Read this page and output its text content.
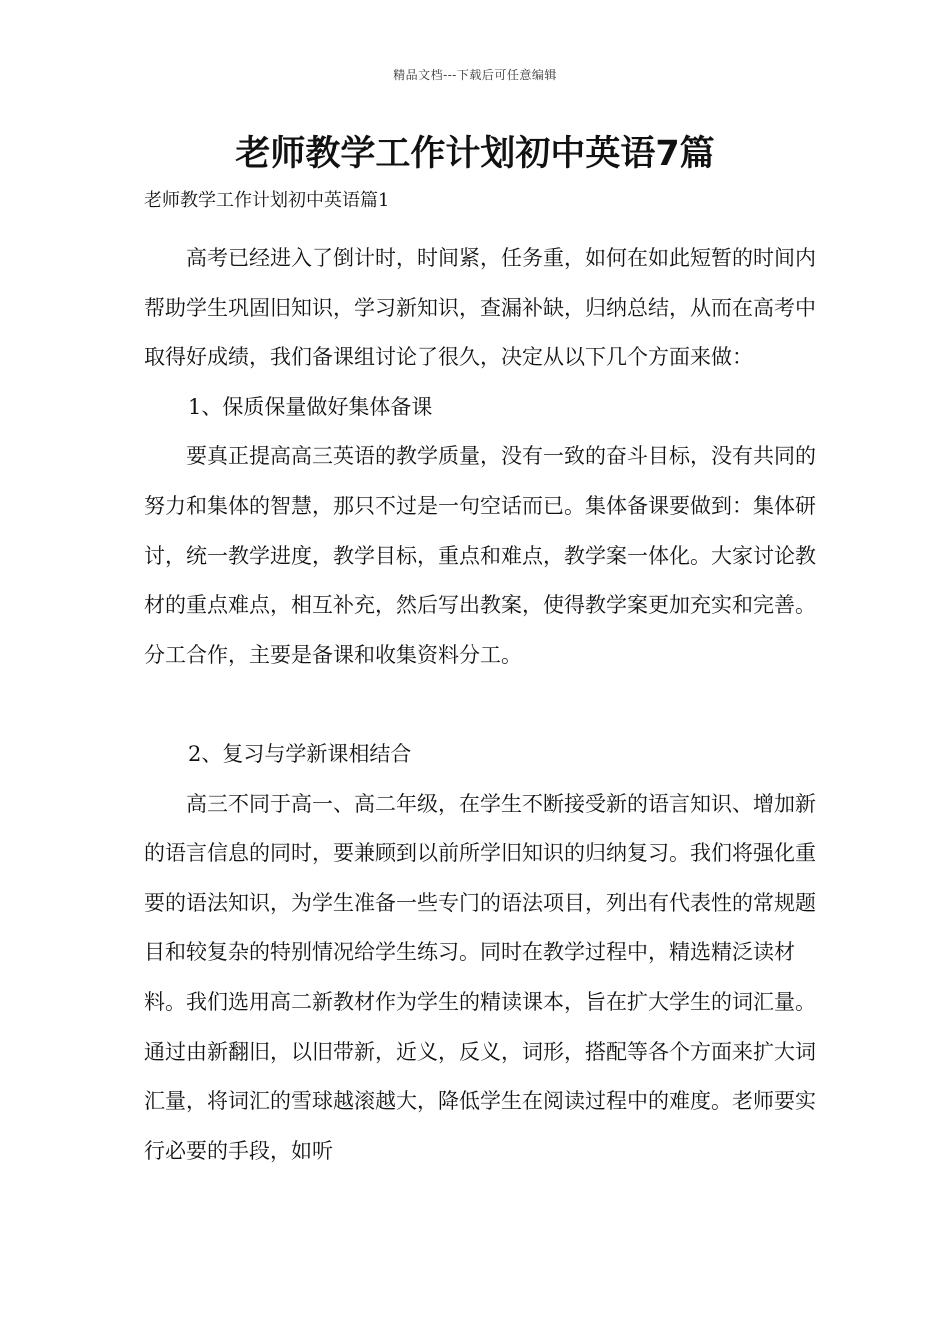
精品文档---下载后可任意编辑
老师教学工作计划初中英语7篇

老师教学工作计划初中英语篇1

高考已经进入了倒计时，时间紧，任务重，如何在如此短暂的时间内帮助学生巩固旧知识，学习新知识，查漏补缺，归纳总结，从而在高考中取得好成绩，我们备课组讨论了很久，决定从以下几个方面来做：

1、保质保量做好集体备课

要真正提高高三英语的教学质量，没有一致的奋斗目标，没有共同的努力和集体的智慧，那只不过是一句空话而已。集体备课要做到：集体研讨，统一教学进度，教学目标，重点和难点，教学案一体化。大家讨论教材的重点难点，相互补充，然后写出教案，使得教学案更加充实和完善。分工合作，主要是备课和收集资料分工。

2、复习与学新课相结合

高三不同于高一、高二年级，在学生不断接受新的语言知识、增加新的语言信息的同时，要兼顾到以前所学旧知识的归纳复习。我们将强化重要的语法知识，为学生准备一些专门的语法项目，列出有代表性的常规题目和较复杂的特别情况给学生练习。同时在教学过程中，精选精泛读材料。我们选用高二新教材作为学生的精读课本，旨在扩大学生的词汇量。通过由新翻旧，以旧带新，近义，反义，词形，搭配等各个方面来扩大词汇量，将词汇的雪球越滚越大，降低学生在阅读过程中的难度。老师要实行必要的手段，如听
